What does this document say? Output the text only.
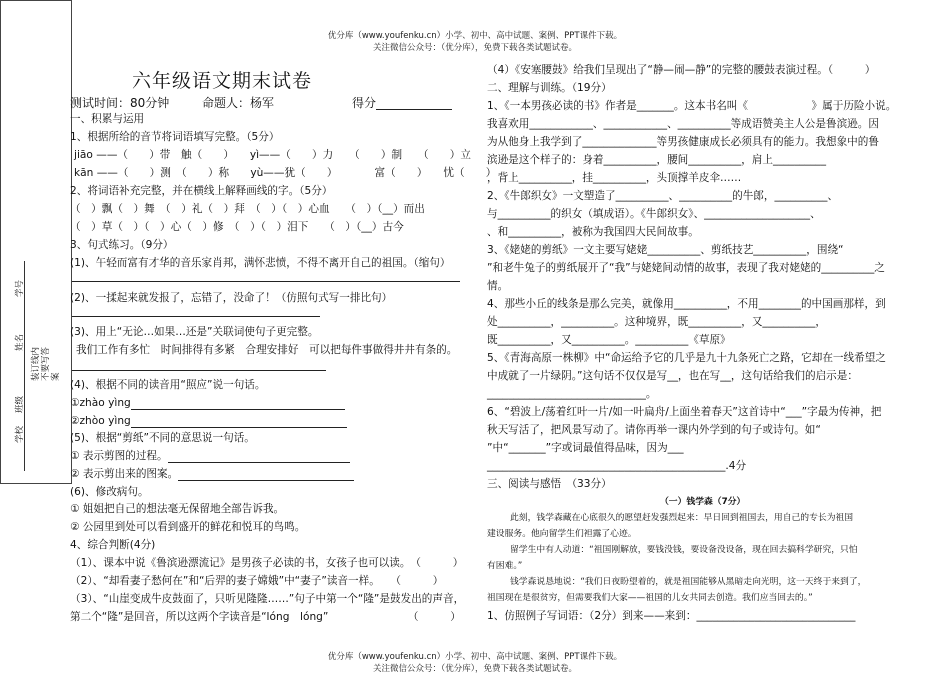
优分库（www.youfenku.cn）小学、初中、高中试题、案例、PPT课件下载。
关注微信公众号：（优分库），免费下载各类试题试卷。
优分库（www.youfenku.cn）小学、初中、高中试题、案例、PPT课件下载。
关注微信公众号：（优分库），免费下载各类试题试卷。
学校
班级
姓名
学号
装订线内不要写答案
六年级语文期末试卷
测试时间：80分钟	命题人：杨军	得分
一、积累与运用
1、根据所给的音节将词语填写完整。（5分）
jiāo ——（　　）带　触（　　）　　yì——（　　）力　　（　　）制　　（　　）立
kān ——（　　）测　（　　）称　　yù——犹（　　）　　　　富（　　）　　忧（　　）
2、将词语补充完整，并在横线上解释画线的字。（5分）
（　）飘（　）舞　（　）礼（　）拜　（　）（　）心血　　（　）（__）而出
（　）草（　）（　）心（　）修　（　）（　）泪下　　（　）（__）古今
3、句式练习。（9分）
(1)、午轻而富有才华的音乐家肖邦，满怀悲愤，不得不离开自己的祖国。（缩句）
(2)、一揉起来就发报了，忘错了，没命了！（仿照句式写一排比句）
(3)、用上“无论…如果…还是”关联词使句子更完整。
我们工作有多忙　时间排得有多紧　合理安排好　可以把每件事做得井井有条的。
(4)、根据不同的读音用“照应”说一句话。
①zhào yìng
②zhòo yìng
(5)、根据“剪纸”不同的意思说一句话。
① 表示剪图的过程。
② 表示剪出来的图案。
(6)、修改病句。
① 姐姐把自己的想法毫无保留地全部告诉我。
② 公园里到处可以看到盛开的鲜花和悦耳的鸟鸣。
4、综合判断(4分)
（1）、课本中说《鲁滨逊漂流记》是男孩子必读的书，女孩子也可以读。　（　　　）
（2）、“却看妻子愁何在”和“后羿的妻子嫦娥”中“妻子”读音一样。　　（　　　）
（3）、“山崖变成牛皮鼓面了，只听见隆隆……”句子中第一个“隆”是鼓发出的声音，
第二个“隆”是回音，所以这两个字读音是“lóng　lóng”　　　　　　　　（　　　）
（4）《安塞腰鼓》给我们呈现出了“静—闹—静”的完整的腰鼓表演过程。（　　　）
二、理解与训练。（19分）
1、《一本男孩必读的书》作者是_______。这本书名叫《　　　　　　》属于历险小说。
我喜欢用____________、____________、__________等成语赞美主人公是鲁滨逊。因
为从他身上我学到了______________等男孩健康成长必须具有的能力。我想象中的鲁
滨逊是这个样子的：身着__________，腰间__________，肩上__________
，背上__________，挂__________，头顶撑羊皮伞……
2、《牛郎织女》一文塑造了__________、__________的牛郎，__________、
与__________的织女（填成语）。《牛郎织女》、____________________、
、和__________，被称为我国四大民间故事。
3、《姥姥的剪纸》一文主要写姥姥__________、剪纸技艺__________，围绕“
”和老牛兔子的剪纸展开了“我”与姥姥间动情的故事，表现了我对姥姥的__________之
情。
4、那些小丘的线条是那么完美，就像用__________，不用________的中国画那样，到
处__________，__________。这种境界，既__________，又__________，
既__________，又__________。__________《草原》
5、《青海高原一株柳》中“命运给予它的几乎是九十九条死亡之路，它却在一线希望之
中成就了一片绿阴。”这句话不仅仅是写__，也在写__，这句话给我们的启示是：
______________________________。
6、“碧波上/荡着红叶一片/如一叶扁舟/上面坐着春天”这首诗中“___”字最为传神，把
秋天写活了，把风景写动了。请你再举一课内外学到的句子或诗句。如“
”中“_______”字或词最值得品味，因为___
_____________________________________________.4分
三、阅读与感悟　（33分）
（一）钱学森（7分）
此刻，钱学森藏在心底很久的愿望赶发强烈起来：早日回到祖国去，用自己的专长为祖国
建设服务。他向留学生们袒露了心迹。
留学生中有人动道：“祖国刚解放，要钱没钱，要设备没设备，现在回去搞科学研究，只怕
有困难。”
钱学森说恳地说：“我们日夜盼望着的，就是祖国能够从黑暗走向光明，这一天终于来到了，
祖国现在是很贫穷，但需要我们大家——祖国的儿女共同去创造。我们应当回去的。”
1、仿照例子写词语：（2分）到来——来到：______________________________
